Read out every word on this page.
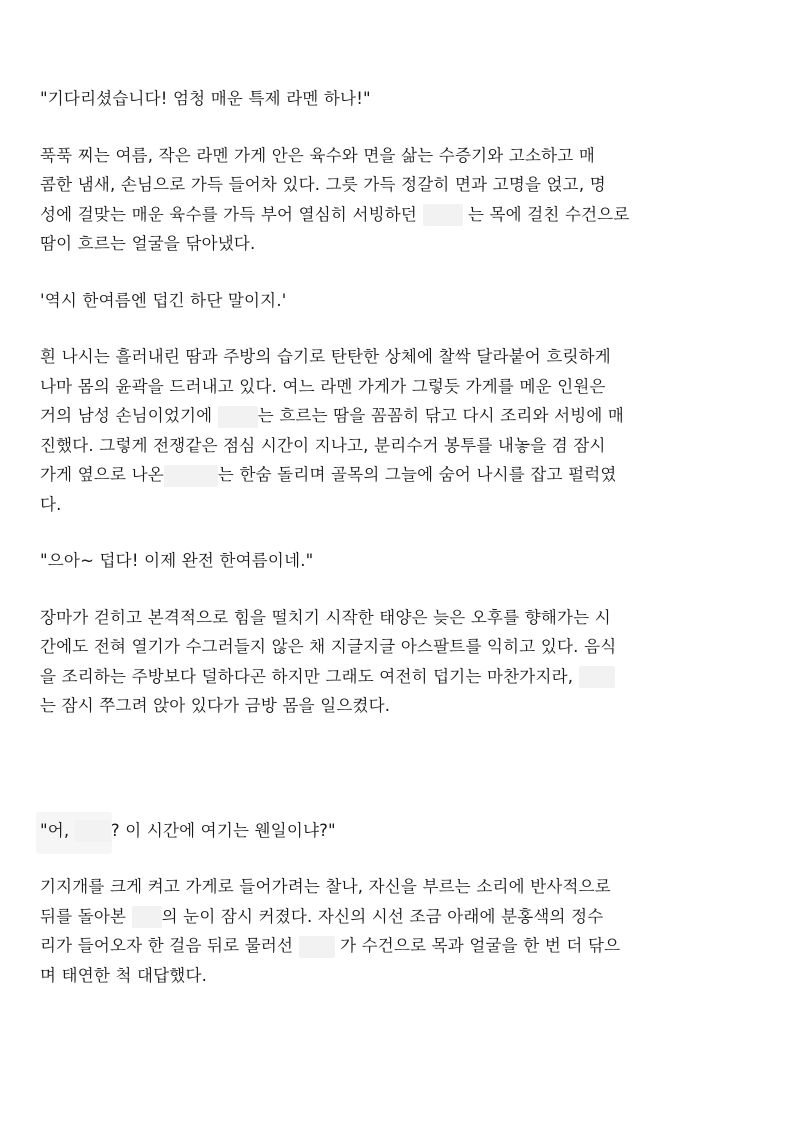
"기다리셨습니다! 엄청 매운 특제 라멘 하나!"

푹푹 찌는 여름, 작은 라멘 가게 안은 육수와 면을 삶는 수증기와 고소하고 매
콤한 냄새, 손님으로 가득 들어차 있다. 그릇 가득 정갈히 면과 고명을 얹고, 명
성에 걸맞는 매운 육수를 가득 부어 열심히 서빙하던	는 목에 걸친 수건으로
땀이 흐르는 얼굴을 닦아냈다.

'역시 한여름엔 덥긴 하단 말이지.'

흰 나시는 흘러내린 땀과 주방의 습기로 탄탄한 상체에 찰싹 달라붙어 흐릿하게
나마 몸의 윤곽을 드러내고 있다. 여느 라멘 가게가 그렇듯 가게를 메운 인원은
거의 남성 손님이었기에	는 흐르는 땀을 꼼꼼히 닦고 다시 조리와 서빙에 매
진했다. 그렇게 전쟁같은 점심 시간이 지나고, 분리수거 봉투를 내놓을 겸 잠시
가게 옆으로 나온	는 한숨 돌리며 골목의 그늘에 숨어 나시를 잡고 펄럭였
다.

"으아~ 덥다! 이제 완전 한여름이네."

장마가 걷히고 본격적으로 힘을 떨치기 시작한 태양은 늦은 오후를 향해가는 시
간에도 전혀 열기가 수그러들지 않은 채 지글지글 아스팔트를 익히고 있다. 음식
을 조리하는 주방보다 덜하다곤 하지만 그래도 여전히 덥기는 마찬가지라,
는 잠시 쭈그려 앉아 있다가 금방 몸을 일으켰다.

"어,	? 이 시간에 여기는 웬일이냐?"

기지개를 크게 켜고 가게로 들어가려는 찰나, 자신을 부르는 소리에 반사적으로
뒤를 돌아본 의 눈이 잠시 커졌다. 자신의 시선 조금 아래에 분홍색의 정수
리가 들어오자 한 걸음 뒤로 물러선	가 수건으로 목과 얼굴을 한 번 더 닦으
며 태연한 척 대답했다.
